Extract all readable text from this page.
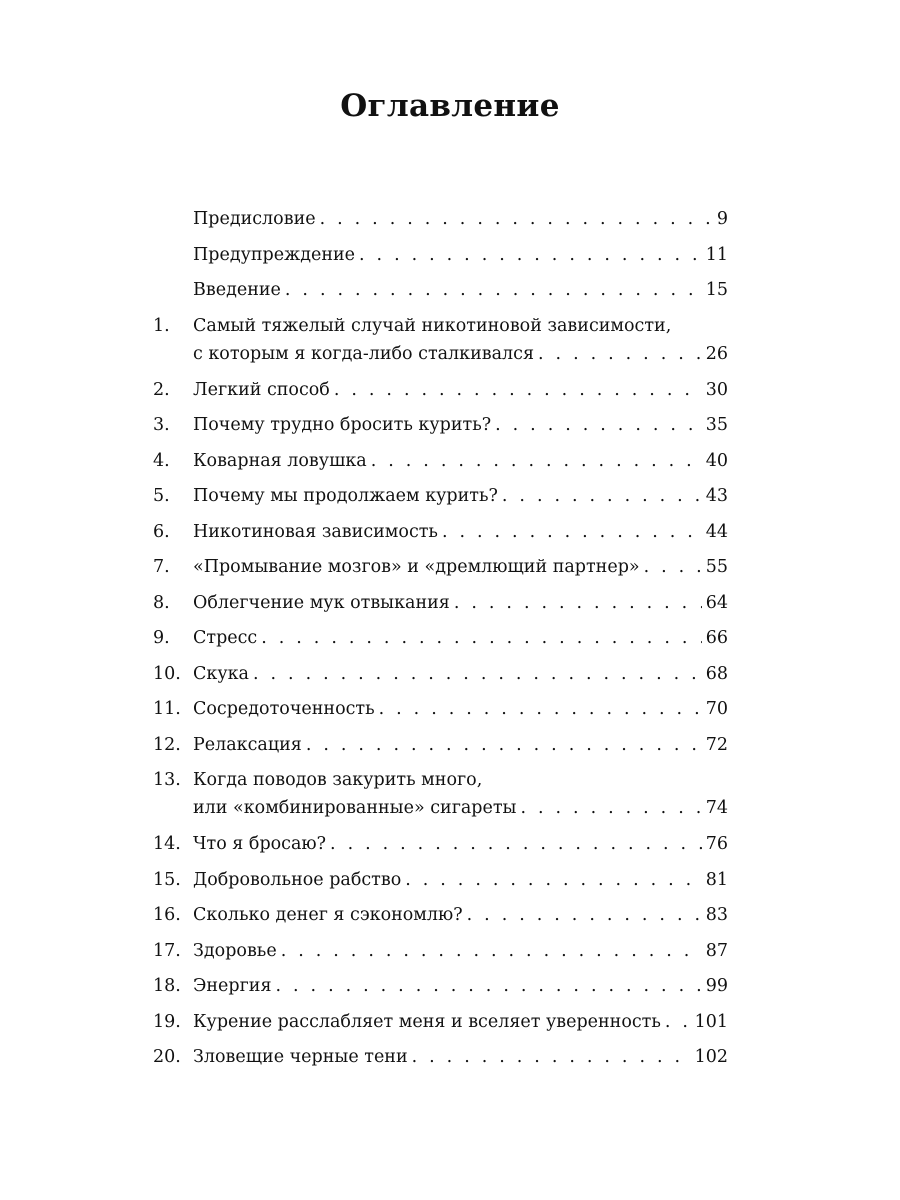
Оглавление
Предисловие . . .	9
Предупреждение . . .	11
Введение . . .	15
1.	Самый тяжелый случай никотиновой зависимости,
с которым я когда-либо сталкивался . . .	26
2.	Легкий способ . . .	30
3.	Почему трудно бросить курить? . . .	35
4.	Коварная ловушка . . .	40
5.	Почему мы продолжаем курить? . . .	43
6.	Никотиновая зависимость . . .	44
7.	«Промывание мозгов» и «дремлющий партнер» . . .	55
8.	Облегчение мук отвыкания . . .	64
9.	Стресс . . .	66
10. Скука . . .	68
11. Сосредоточенность . . .	70
12. Релаксация . . .	72
13. Когда поводов закурить много,
или «комбинированные» сигареты . . .	74
14. Что я бросаю? . . .	76
15. Добровольное рабство . . .	81
16. Сколько денег я сэкономлю? . . .	83
17. Здоровье . . .	87
18. Энергия . . .	99
19. Курение расслабляет меня и вселяет уверенность . . . 101
20. Зловещие черные тени . . .	102
